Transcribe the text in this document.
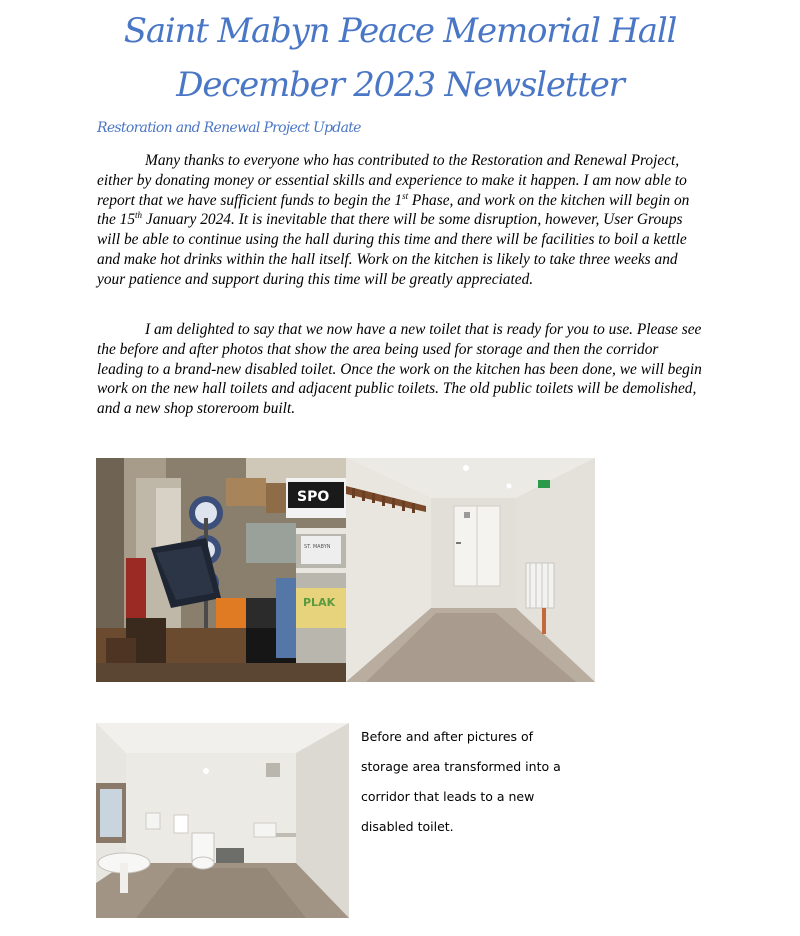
Saint Mabyn Peace Memorial Hall
December 2023 Newsletter
Restoration and Renewal Project Update

Many thanks to everyone who has contributed to the Restoration and Renewal Project, either by donating money or essential skills and experience to make it happen. I am now able to report that we have sufficient funds to begin the 1st Phase, and work on the kitchen will begin on the 15th January 2024. It is inevitable that there will be some disruption, however, User Groups will be able to continue using the hall during this time and there will be facilities to boil a kettle and make hot drinks within the hall itself. Work on the kitchen is likely to take three weeks and your patience and support during this time will be greatly appreciated.

I am delighted to say that we now have a new toilet that is ready for you to use. Please see the before and after photos that show the area being used for storage and then the corridor leading to a brand-new disabled toilet. Once the work on the kitchen has been done, we will begin work on the new hall toilets and adjacent public toilets. The old public toilets will be demolished, and a new shop storeroom built.

SPO
ST. MABYN
PLAK
Before and after pictures of
storage area transformed into a
corridor that leads to a new
disabled toilet.
